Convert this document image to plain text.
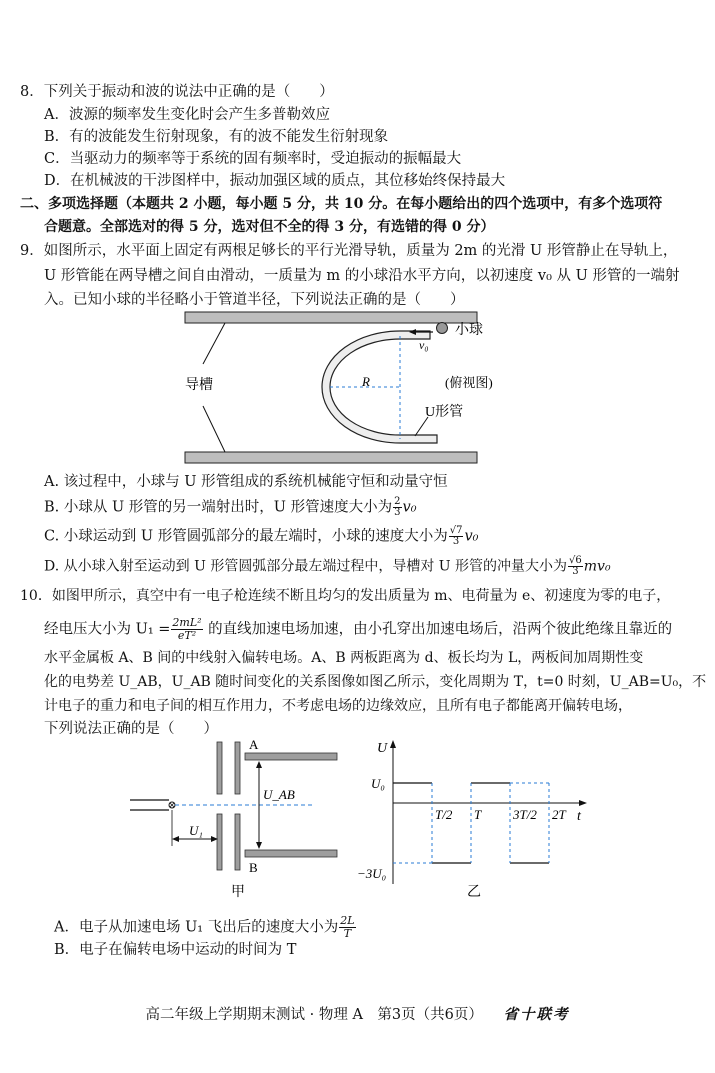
8．下列关于振动和波的说法中正确的是（　　）
A．波源的频率发生变化时会产生多普勒效应
B．有的波能发生衍射现象，有的波不能发生衍射现象
C．当驱动力的频率等于系统的固有频率时，受迫振动的振幅最大
D．在机械波的干涉图样中，振动加强区域的质点，其位移始终保持最大
二、多项选择题（本题共 2 小题，每小题 5 分，共 10 分。在每小题给出的四个选项中，有多个选项符
合题意。全部选对的得 5 分，选对但不全的得 3 分，有选错的得 0 分）
9．如图所示，水平面上固定有两根足够长的平行光滑导轨，质量为 2m 的光滑 U 形管静止在导轨上，
U 形管能在两导槽之间自由滑动，一质量为 m 的小球沿水平方向，以初速度 v₀ 从 U 形管的一端射
入。已知小球的半径略小于管道半径，下列说法正确的是（　　）
v₀
小球
R
导槽	(俯视图)
U形管
A. 该过程中，小球与 U 形管组成的系统机械能守恒和动量守恒
B. 小球从 U 形管的另一端射出时，U 形管速度大小为 $\frac{2}{3} v_0$
C. 小球运动到 U 形管圆弧部分的最左端时，小球的速度大小为 $\frac{√7}{3} v_0$
D. 从小球入射至运动到 U 形管圆弧部分最左端过程中，导槽对 U 形管的冲量大小为 $\frac{√6}{3} mv_0$
10．如图甲所示，真空中有一电子枪连续不断且均匀的发出质量为 m、电荷量为 e、初速度为零的电子，
经电压大小为 $U_1 = \frac{\text{2mL²}}{\text{eT²}}$ 的直线加速电场加速，由小孔穿出加速电场后，沿两个彼此绝缘且靠近的
水平金属板 A、B 间的中线射入偏转电场。A、B 两板距离为 d、板长均为 L，两板间加周期性变
化的电势差 U_AB，U_AB 随时间变化的关系图像如图乙所示，变化周期为 T，t=0 时刻，U_AB=U₀，不
计电子的重力和电子间的相互作用力，不考虑电场的边缘效应，且所有电子都能离开偏转电场，
下列说法正确的是（　　）
A
B
U_AB
U₁
甲
U
t
U₀
−3U₀
T/2 T 3T/2 2T
乙
A．电子从加速电场 U₁ 飞出后的速度大小为 $\frac{2L}{T}$
B．电子在偏转电场中运动的时间为 T
高二年级上学期期末测试 · 物理 A　第3页（共6页） 省十联考
